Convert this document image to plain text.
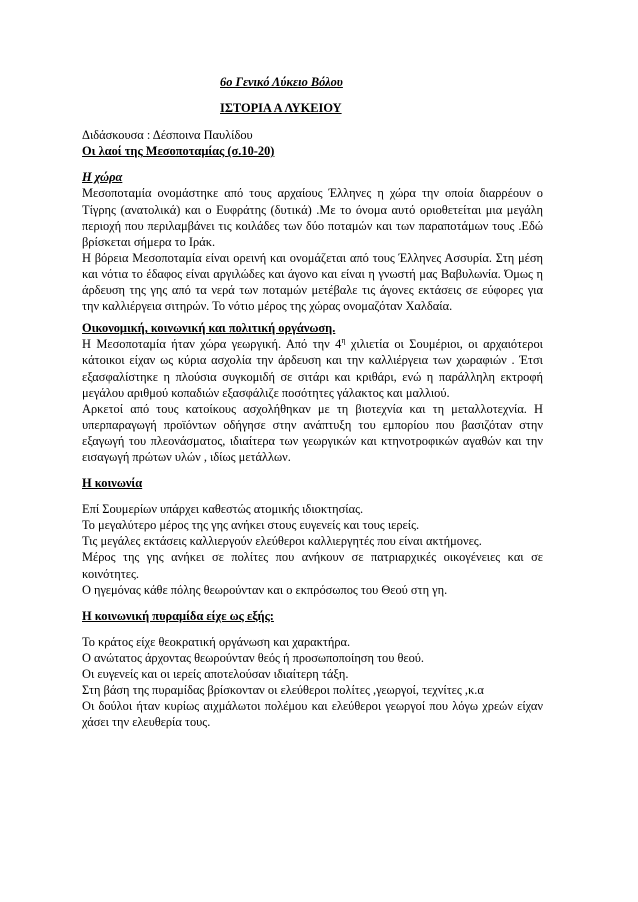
6ο Γενικό Λύκειο Βόλου
ΙΣΤΟΡΙΑ Α ΛΥΚΕΙΟΥ
Διδάσκουσα : Δέσποινα Παυλίδου
Οι λαοί της Μεσοποταμίας (σ.10-20)
Η χώρα

Μεσοποταμία ονομάστηκε από τους αρχαίους Έλληνες η χώρα την οποία διαρρέουν ο Τίγρης (ανατολικά) και ο Ευφράτης (δυτικά) .Με το όνομα αυτό οριοθετείται μια μεγάλη περιοχή που περιλαμβάνει τις κοιλάδες των δύο ποταμών και των παραποτάμων τους .Εδώ βρίσκεται σήμερα το Ιράκ.

Η βόρεια Μεσοποταμία είναι ορεινή και ονομάζεται από τους Έλληνες Ασσυρία. Στη μέση και νότια το έδαφος είναι αργιλώδες και άγονο και είναι η γνωστή μας Βαβυλωνία. Όμως η άρδευση της γης από τα νερά των ποταμών μετέβαλε τις άγονες εκτάσεις σε εύφορες για την καλλιέργεια σιτηρών. Το νότιο μέρος της χώρας ονομαζόταν Χαλδαία.

Οικονομική, κοινωνική και πολιτική οργάνωση.

Η Μεσοποταμία ήταν χώρα γεωργική. Από την $4^\eta$ χιλιετία οι Σουμέριοι, οι αρχαιότεροι κάτοικοι είχαν ως κύρια ασχολία την άρδευση και την καλλιέργεια των χωραφιών . Έτσι εξασφαλίστηκε η πλούσια συγκομιδή σε σιτάρι και κριθάρι, ενώ η παράλληλη εκτροφή μεγάλου αριθμού κοπαδιών εξασφάλιζε ποσότητες γάλακτος και μαλλιού.

Αρκετοί από τους κατοίκους ασχολήθηκαν με τη βιοτεχνία και τη μεταλλοτεχνία. Η υπερπαραγωγή προϊόντων οδήγησε στην ανάπτυξη του εμπορίου που βασιζόταν στην εξαγωγή του πλεονάσματος, ιδιαίτερα των γεωργικών και κτηνοτροφικών αγαθών και την εισαγωγή πρώτων υλών , ιδίως μετάλλων.

Η κοινωνία

Επί Σουμερίων υπάρχει καθεστώς ατομικής ιδιοκτησίας.

Το μεγαλύτερο μέρος της γης ανήκει στους ευγενείς και τους ιερείς.

Τις μεγάλες εκτάσεις καλλιεργούν ελεύθεροι καλλιεργητές που είναι ακτήμονες.

Μέρος της γης ανήκει σε πολίτες που ανήκουν σε πατριαρχικές οικογένειες και σε κοινότητες.

Ο ηγεμόνας κάθε πόλης θεωρούνταν και ο εκπρόσωπος του Θεού στη γη.

Η κοινωνική πυραμίδα είχε ως εξής:

Το κράτος είχε θεοκρατική οργάνωση και χαρακτήρα.

Ο ανώτατος άρχοντας θεωρούνταν θεός ή προσωποποίηση του θεού.

Οι ευγενείς και οι ιερείς αποτελούσαν ιδιαίτερη τάξη.

Στη βάση της πυραμίδας βρίσκονταν οι ελεύθεροι πολίτες ,γεωργοί, τεχνίτες ,κ.α

Οι δούλοι ήταν κυρίως αιχμάλωτοι πολέμου και ελεύθεροι γεωργοί που λόγω χρεών είχαν χάσει την ελευθερία τους.
